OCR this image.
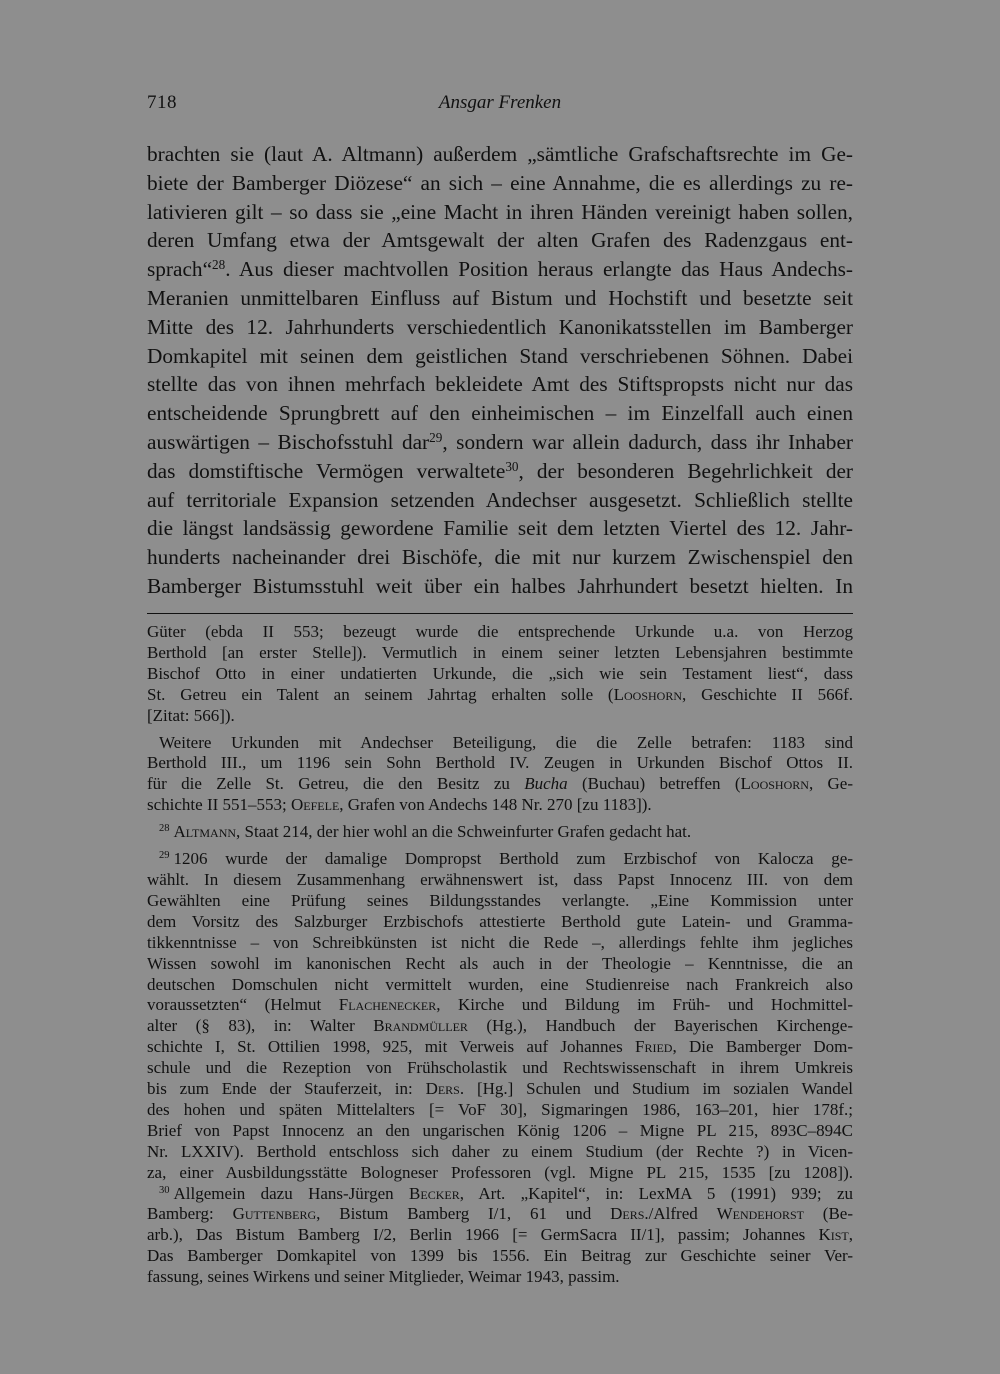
718	Ansgar Frenken
brachten sie (laut A. Altmann) außerdem „sämtliche Grafschaftsrechte im Ge-
biete der Bamberger Diözese“ an sich – eine Annahme, die es allerdings zu re-
lativieren gilt – so dass sie „eine Macht in ihren Händen vereinigt haben sollen,
deren Umfang etwa der Amtsgewalt der alten Grafen des Radenzgaus ent-
sprach“$^{28}$. Aus dieser machtvollen Position heraus erlangte das Haus Andechs-
Meranien unmittelbaren Einfluss auf Bistum und Hochstift und besetzte seit
Mitte des 12. Jahrhunderts verschiedentlich Kanonikatsstellen im Bamberger
Domkapitel mit seinen dem geistlichen Stand verschriebenen Söhnen. Dabei
stellte das von ihnen mehrfach bekleidete Amt des Stiftspropsts nicht nur das
entscheidende Sprungbrett auf den einheimischen – im Einzelfall auch einen
auswärtigen – Bischofsstuhl dar$^{29}$, sondern war allein dadurch, dass ihr Inhaber
das domstiftische Vermögen verwaltete$^{30}$, der besonderen Begehrlichkeit der
auf territoriale Expansion setzenden Andechser ausgesetzt. Schließlich stellte
die längst landsässig gewordene Familie seit dem letzten Viertel des 12. Jahr-
hunderts nacheinander drei Bischöfe, die mit nur kurzem Zwischenspiel den
Bamberger Bistumsstuhl weit über ein halbes Jahrhundert besetzt hielten. In
Güter (ebda II 553; bezeugt wurde die entsprechende Urkunde u.a. von Herzog
Berthold [an erster Stelle]). Vermutlich in einem seiner letzten Lebensjahren bestimmte
Bischof Otto in einer undatierten Urkunde, die „sich wie sein Testament liest“, dass
St. Getreu ein Talent an seinem Jahrtag erhalten solle (Looshorn, Geschichte II 566f.
[Zitat: 566]).
Weitere Urkunden mit Andechser Beteiligung, die die Zelle betrafen: 1183 sind
Berthold III., um 1196 sein Sohn Berthold IV. Zeugen in Urkunden Bischof Ottos II.
für die Zelle St. Getreu, die den Besitz zu Bucha (Buchau) betreffen (Looshorn, Ge-
schichte II 551–553; Oefele, Grafen von Andechs 148 Nr. 270 [zu 1183]).
28 Altmann, Staat 214, der hier wohl an die Schweinfurter Grafen gedacht hat.
29 1206 wurde der damalige Dompropst Berthold zum Erzbischof von Kalocza ge-
wählt. In diesem Zusammenhang erwähnenswert ist, dass Papst Innocenz III. von dem
Gewählten eine Prüfung seines Bildungsstandes verlangte. „Eine Kommission unter
dem Vorsitz des Salzburger Erzbischofs attestierte Berthold gute Latein- und Gramma-
tikkenntnisse – von Schreibkünsten ist nicht die Rede –, allerdings fehlte ihm jegliches
Wissen sowohl im kanonischen Recht als auch in der Theologie – Kenntnisse, die an
deutschen Domschulen nicht vermittelt wurden, eine Studienreise nach Frankreich also
voraussetzten“ (Helmut Flachenecker, Kirche und Bildung im Früh- und Hochmittel-
alter (§ 83), in: Walter Brandmüller (Hg.), Handbuch der Bayerischen Kirchenge-
schichte I, St. Ottilien 1998, 925, mit Verweis auf Johannes Fried, Die Bamberger Dom-
schule und die Rezeption von Frühscholastik und Rechtswissenschaft in ihrem Umkreis
bis zum Ende der Stauferzeit, in: Ders. [Hg.] Schulen und Studium im sozialen Wandel
des hohen und späten Mittelalters [= VoF 30], Sigmaringen 1986, 163–201, hier 178f.;
Brief von Papst Innocenz an den ungarischen König 1206 – Migne PL 215, 893C–894C
Nr. LXXIV). Berthold entschloss sich daher zu einem Studium (der Rechte ?) in Vicen-
za, einer Ausbildungsstätte Bologneser Professoren (vgl. Migne PL 215, 1535 [zu 1208]).
30 Allgemein dazu Hans-Jürgen Becker, Art. „Kapitel“, in: LexMA 5 (1991) 939; zu
Bamberg: Guttenberg, Bistum Bamberg I/1, 61 und Ders./Alfred Wendehorst (Be-
arb.), Das Bistum Bamberg I/2, Berlin 1966 [= GermSacra II/1], passim; Johannes Kist,
Das Bamberger Domkapitel von 1399 bis 1556. Ein Beitrag zur Geschichte seiner Ver-
fassung, seines Wirkens und seiner Mitglieder, Weimar 1943, passim.
